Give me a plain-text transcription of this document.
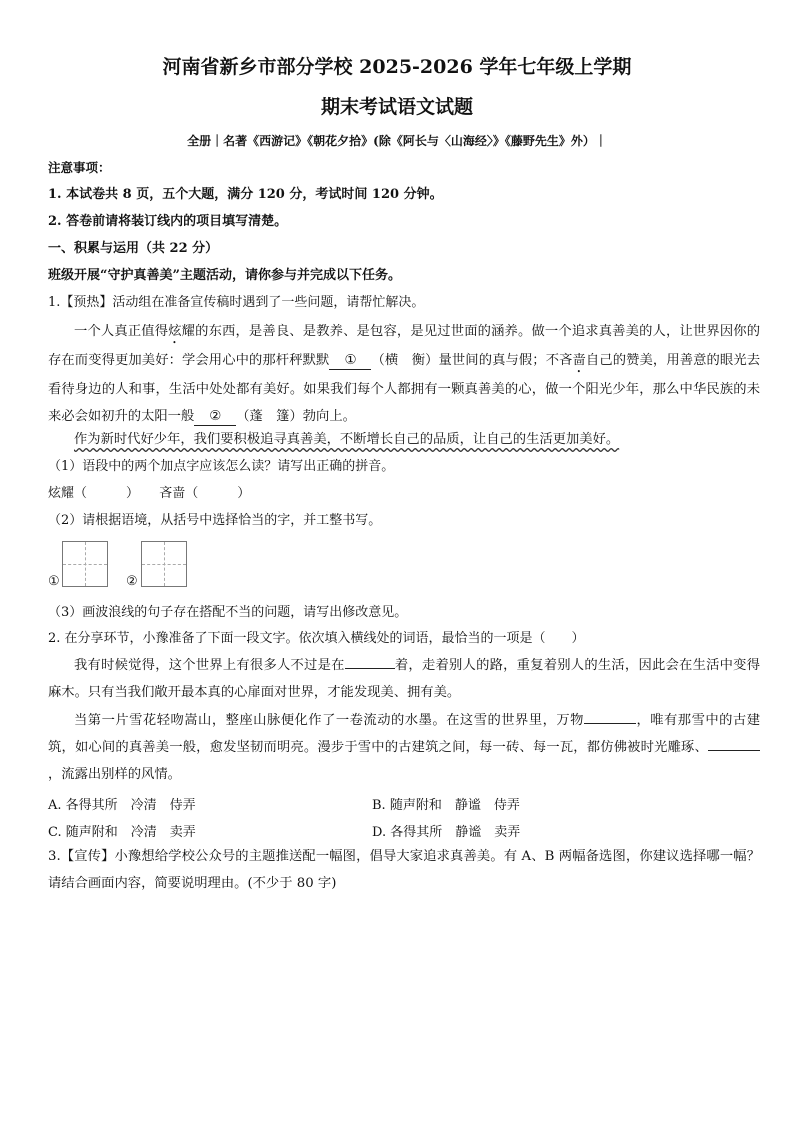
河南省新乡市部分学校 2025-2026 学年七年级上学期
期末考试语文试题
全册｜名著《西游记》《朝花夕拾》(除《阿长与〈山海经〉》《藤野先生》外）｜
注意事项：
1. 本试卷共 8 页，五个大题，满分 120 分，考试时间 120 分钟。
2. 答卷前请将装订线内的项目填写清楚。
一、积累与运用（共 22 分）
班级开展“守护真善美”主题活动，请你参与并完成以下任务。
1.【预热】活动组在准备宣传稿时遇到了一些问题，请帮忙解决。
一个人真正值得炫耀的东西，是善良、是教养、是包容，是见过世面的涵养。做一个追求真善美的人，让世界因你的存在而变得更加美好：学会用心中的那杆秤默默 ① （横　衡）量世间的真与假；不吝啬自己的赞美，用善意的眼光去看待身边的人和事，生活中处处都有美好。如果我们每个人都拥有一颗真善美的心，做一个阳光少年，那么中华民族的未来必会如初升的太阳一般 ② （蓬　篷）勃向上。
作为新时代好少年，我们要积极追寻真善美，不断增长自己的品质，让自己的生活更加美好。
（1）语段中的两个加点字应该怎么读？请写出正确的拼音。
炫耀（　　　） 吝啬（　　　）
（2）请根据语境，从括号中选择恰当的字，并工整书写。
①	②
（3）画波浪线的句子存在搭配不当的问题，请写出修改意见。
2. 在分享环节，小豫准备了下面一段文字。依次填入横线处的词语，最恰当的一项是（　　）
我有时候觉得，这个世界上有很多人不过是在	着，走着别人的路，重复着别人的生活，因此会在生活中变得麻木。只有当我们敞开最本真的心扉面对世界，才能发现美、拥有美。
当第一片雪花轻吻嵩山，整座山脉便化作了一卷流动的水墨。在这雪的世界里，万物	，唯有那雪中的古建筑，如心间的真善美一般，愈发坚韧而明亮。漫步于雪中的古建筑之间，每一砖、每一瓦，都仿佛被时光雕琢、，流露出别样的风情。
A. 各得其所　冷清　侍弄	B. 随声附和　静谧　侍弄
C. 随声附和　冷清　卖弄	D. 各得其所　静谧　卖弄
3.【宣传】小豫想给学校公众号的主题推送配一幅图，倡导大家追求真善美。有 A、B 两幅备选图，你建议选择哪一幅？请结合画面内容，简要说明理由。(不少于 80 字)
